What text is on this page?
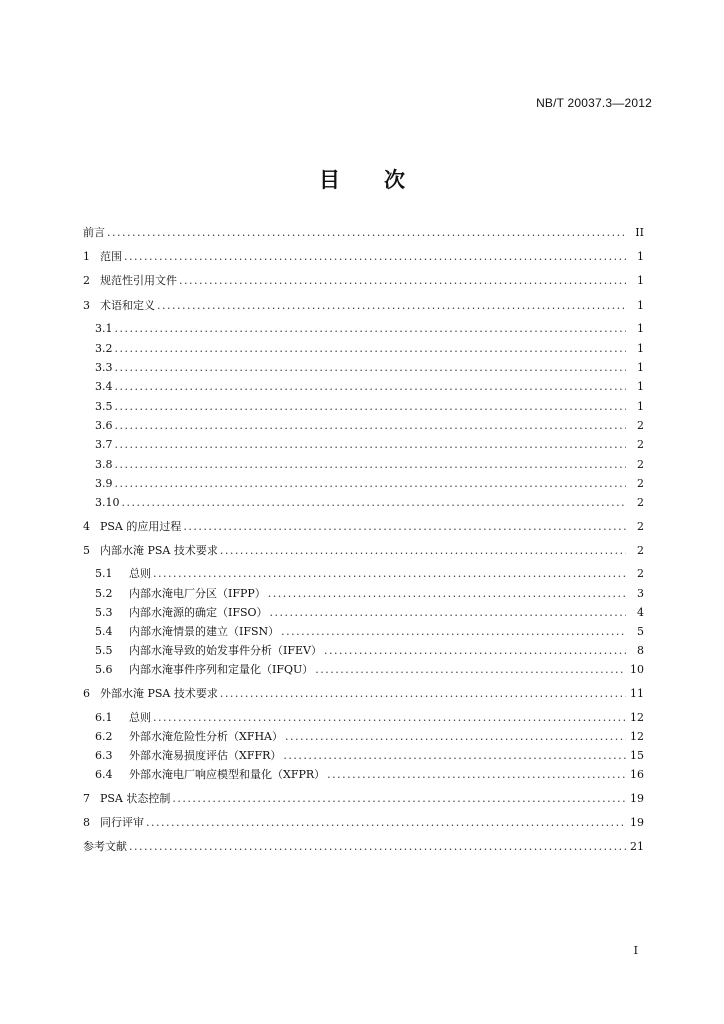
NB/T 20037.3—2012
目 次
前言 .....	II
1 范围 .....	1
2 规范性引用文件 .....	1
3 术语和定义 .....	1
3.1 .....	1
3.2 .....	1
3.3 .....	1
3.4 .....	1
3.5 .....	1
3.6 .....	2
3.7 .....	2
3.8 .....	2
3.9 .....	2
3.10 .....	2
4 PSA 的应用过程 .....	2
5 内部水淹 PSA 技术要求 .....	2
5.1 总则 .....	2
5.2 内部水淹电厂分区（IFPP） .....	3
5.3 内部水淹源的确定（IFSO） .....	4
5.4 内部水淹情景的建立（IFSN） .....	5
5.5 内部水淹导致的始发事件分析（IFEV） .....	8
5.6 内部水淹事件序列和定量化（IFQU） .....	10
6 外部水淹 PSA 技术要求 .....	11
6.1 总则 .....	12
6.2 外部水淹危险性分析（XFHA） .....	12
6.3 外部水淹易损度评估（XFFR） .....	15
6.4 外部水淹电厂响应模型和量化（XFPR） .....	16
7 PSA 状态控制 .....	19
8 同行评审 .....	19
参考文献 .....	21
I
